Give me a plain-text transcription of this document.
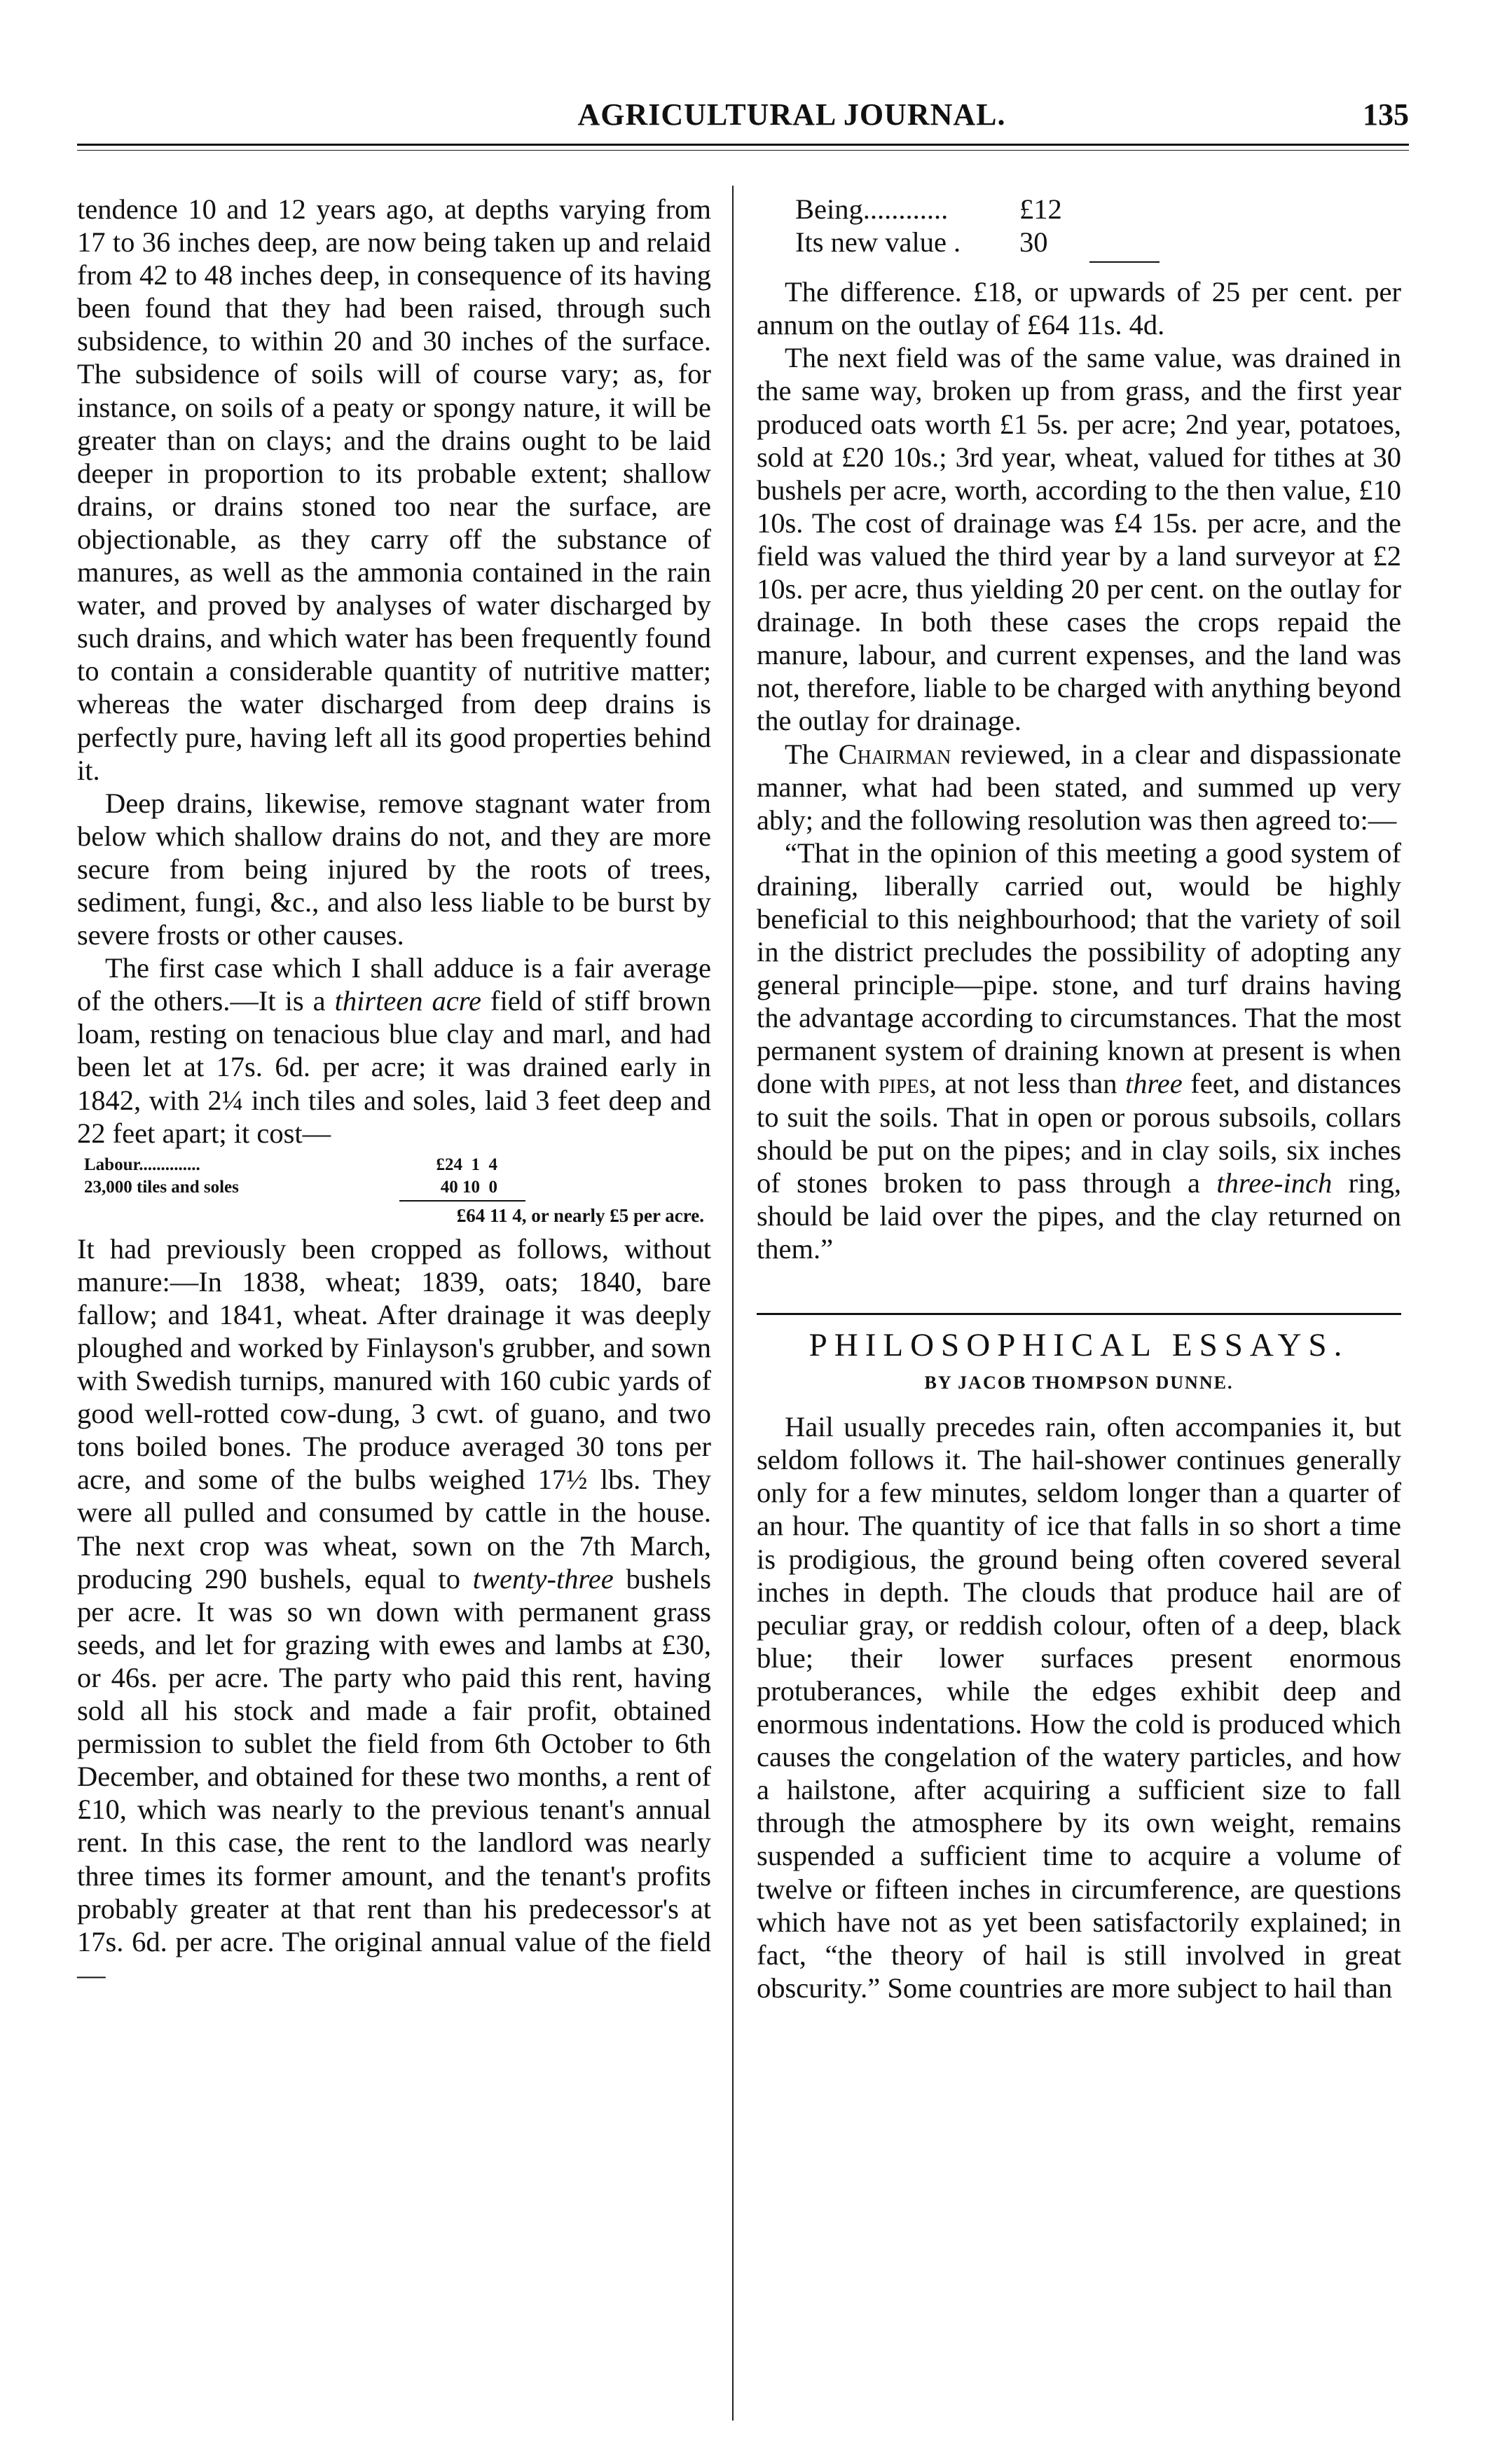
AGRICULTURAL JOURNAL.	135

tendence 10 and 12 years ago, at depths varying from 17 to 36 inches deep, are now being taken up and relaid from 42 to 48 inches deep, in consequence of its having been found that they had been raised, through such subsidence, to within 20 and 30 inches of the surface. The subsidence of soils will of course vary; as, for instance, on soils of a peaty or spongy nature, it will be greater than on clays; and the drains ought to be laid deeper in proportion to its probable extent; shallow drains, or drains stoned too near the surface, are objectionable, as they carry off the substance of manures, as well as the ammonia contained in the rain water, and proved by analyses of water discharged by such drains, and which water has been frequently found to contain a considerable quantity of nutritive matter; whereas the water discharged from deep drains is perfectly pure, having left all its good properties behind it.

Deep drains, likewise, remove stagnant water from below which shallow drains do not, and they are more secure from being injured by the roots of trees, sediment, fungi, &c., and also less liable to be burst by severe frosts or other causes.

The first case which I shall adduce is a fair average of the others.—It is a thirteen acre field of stiff brown loam, resting on tenacious blue clay and marl, and had been let at 17s. 6d. per acre; it was drained early in 1842, with 2¼ inch tiles and soles, laid 3 feet deep and 22 feet apart; it cost—

Labour..............	£24  1  4
23,000 tiles and soles	40 10  0
£64 11 4, or nearly £5 per acre.

It had previously been cropped as follows, without manure:—In 1838, wheat; 1839, oats; 1840, bare fallow; and 1841, wheat. After drainage it was deeply ploughed and worked by Finlayson's grubber, and sown with Swedish turnips, manured with 160 cubic yards of good well-rotted cow-dung, 3 cwt. of guano, and two tons boiled bones. The produce averaged 30 tons per acre, and some of the bulbs weighed 17½ lbs. They were all pulled and consumed by cattle in the house. The next crop was wheat, sown on the 7th March, producing 290 bushels, equal to twenty-three bushels per acre. It was so wn down with permanent grass seeds, and let for grazing with ewes and lambs at £30, or 46s. per acre. The party who paid this rent, having sold all his stock and made a fair profit, obtained permission to sublet the field from 6th October to 6th December, and obtained for these two months, a rent of £10, which was nearly to the previous tenant's annual rent. In this case, the rent to the landlord was nearly three times its former amount, and the tenant's profits probably greater at that rent than his predecessor's at 17s. 6d. per acre. The original annual value of the field—

Being............	£12
Its new value .	30

The difference. £18, or upwards of 25 per cent. per annum on the outlay of £64 11s. 4d.

The next field was of the same value, was drained in the same way, broken up from grass, and the first year produced oats worth £1 5s. per acre; 2nd year, potatoes, sold at £20 10s.; 3rd year, wheat, valued for tithes at 30 bushels per acre, worth, according to the then value, £10 10s. The cost of drainage was £4 15s. per acre, and the field was valued the third year by a land surveyor at £2 10s. per acre, thus yielding 20 per cent. on the outlay for drainage. In both these cases the crops repaid the manure, labour, and current expenses, and the land was not, therefore, liable to be charged with anything beyond the outlay for drainage.

The Chairman reviewed, in a clear and dispassionate manner, what had been stated, and summed up very ably; and the following resolution was then agreed to:—

“That in the opinion of this meeting a good system of draining, liberally carried out, would be highly beneficial to this neighbourhood; that the variety of soil in the district precludes the possibility of adopting any general principle—pipe. stone, and turf drains having the advantage according to circumstances. That the most permanent system of draining known at present is when done with pipes, at not less than three feet, and distances to suit the soils. That in open or porous subsoils, collars should be put on the pipes; and in clay soils, six inches of stones broken to pass through a three-inch ring, should be laid over the pipes, and the clay returned on them.”

PHILOSOPHICAL ESSAYS.
BY JACOB THOMPSON DUNNE.

Hail usually precedes rain, often accompanies it, but seldom follows it. The hail-shower continues generally only for a few minutes, seldom longer than a quarter of an hour. The quantity of ice that falls in so short a time is prodigious, the ground being often covered several inches in depth. The clouds that produce hail are of peculiar gray, or reddish colour, often of a deep, black blue; their lower surfaces present enormous protuberances, while the edges exhibit deep and enormous indentations. How the cold is produced which causes the congelation of the watery particles, and how a hailstone, after acquiring a sufficient size to fall through the atmosphere by its own weight, remains suspended a sufficient time to acquire a volume of twelve or fifteen inches in circumference, are questions which have not as yet been satisfactorily explained; in fact, “the theory of hail is still involved in great obscurity.” Some countries are more subject to hail than
